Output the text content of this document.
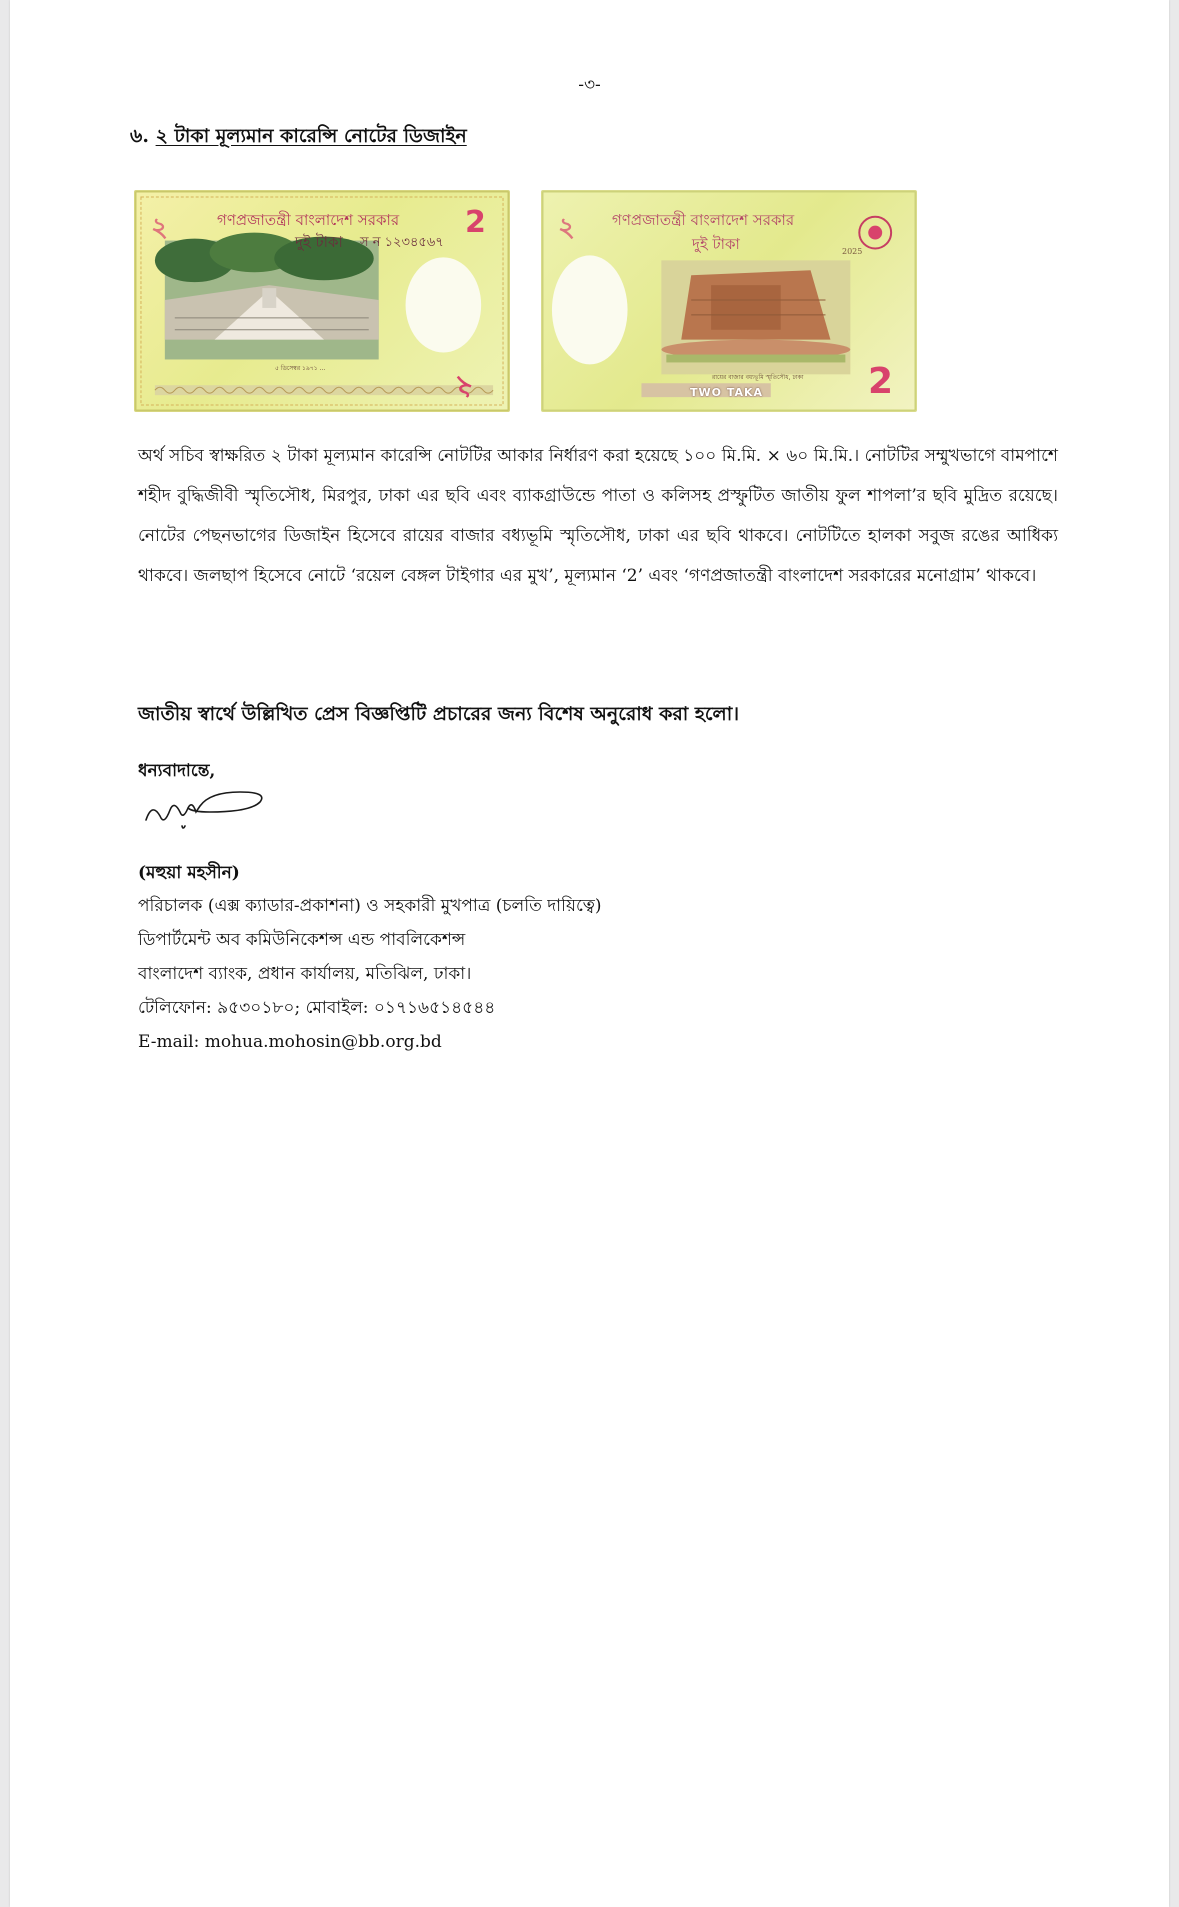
-৩-
৬. ২ টাকা মূল্যমান কারেন্সি নোটের ডিজাইন
২	গণপ্রজাতন্ত্রী বাংলাদেশ সরকার 2
দুই টাকা স ন ১২৩৪৫৬৭
৫ ডিসেম্বর ১৯৭১ ...
২
২ গণপ্রজাতন্ত্রী বাংলাদেশ সরকার
দুই টাকা	2025
রায়ের বাজার বধ্যভূমি স্মৃতিসৌধ, ঢাকা
TWO TAKA	2
অর্থ সচিব স্বাক্ষরিত ২ টাকা মূল্যমান কারেন্সি নোটটির আকার নির্ধারণ করা হয়েছে ১০০ মি.মি. × ৬০ মি.মি.। নোটটির সম্মুখভাগে বামপাশে শহীদ বুদ্ধিজীবী স্মৃতিসৌধ, মিরপুর, ঢাকা এর ছবি এবং ব্যাকগ্রাউন্ডে পাতা ও কলিসহ প্রস্ফুটিত জাতীয় ফুল শাপলা’র ছবি মুদ্রিত রয়েছে। নোটের পেছনভাগের ডিজাইন হিসেবে রায়ের বাজার বধ্যভূমি স্মৃতিসৌধ, ঢাকা এর ছবি থাকবে। নোটটিতে হালকা সবুজ রঙের আধিক্য থাকবে। জলছাপ হিসেবে নোটে ‘রয়েল বেঙ্গল টাইগার এর মুখ’, মূল্যমান ‘2’ এবং ‘গণপ্রজাতন্ত্রী বাংলাদেশ সরকারের মনোগ্রাম’ থাকবে।
জাতীয় স্বার্থে উল্লিখিত প্রেস বিজ্ঞপ্তিটি প্রচারের জন্য বিশেষ অনুরোধ করা হলো।
ধন্যবাদান্তে,
(মহুয়া মহসীন)
পরিচালক (এক্স ক্যাডার-প্রকাশনা) ও সহকারী মুখপাত্র (চলতি দায়িত্বে)
ডিপার্টমেন্ট অব কমিউনিকেশন্স এন্ড পাবলিকেশন্স
বাংলাদেশ ব্যাংক, প্রধান কার্যালয়, মতিঝিল, ঢাকা।
টেলিফোন: ৯৫৩০১৮০; মোবাইল: ০১৭১৬৫১৪৫৪৪
E-mail: mohua.mohosin@bb.org.bd
